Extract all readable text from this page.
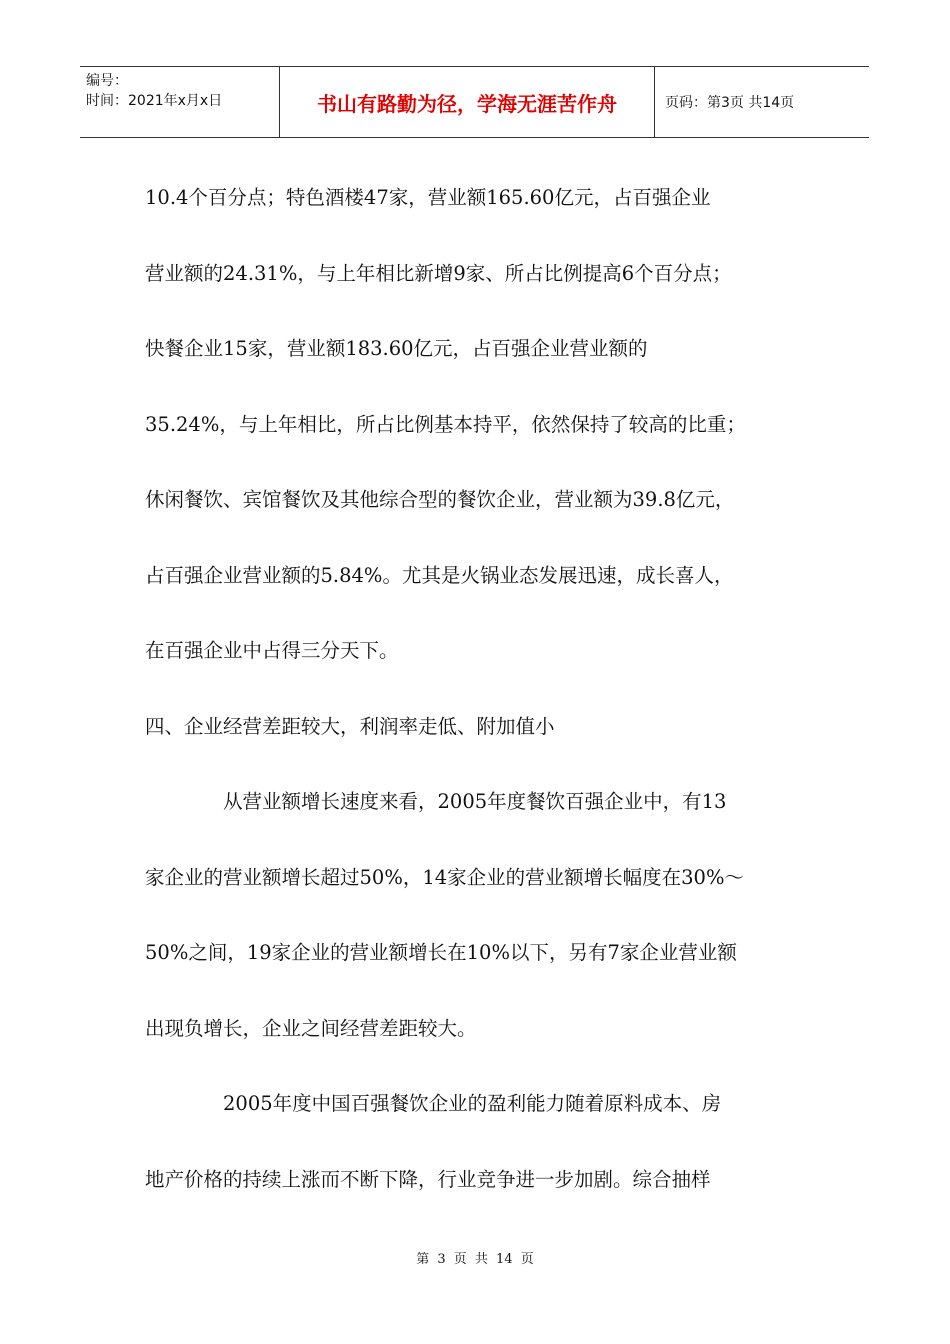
编号：
时间：2021年x月x日	书山有路勤为径，学海无涯苦作舟	页码：第3页 共14页
10.4个百分点；特色酒楼47家，营业额165.60亿元，占百强企业
营业额的24.31%，与上年相比新增9家、所占比例提高6个百分点；
快餐企业15家，营业额183.60亿元，占百强企业营业额的
35.24%，与上年相比，所占比例基本持平，依然保持了较高的比重；
休闲餐饮、宾馆餐饮及其他综合型的餐饮企业，营业额为39.8亿元，
占百强企业营业额的5.84%。尤其是火锅业态发展迅速，成长喜人，
在百强企业中占得三分天下。
四、企业经营差距较大，利润率走低、附加值小
从营业额增长速度来看，2005年度餐饮百强企业中，有13
家企业的营业额增长超过50%，14家企业的营业额增长幅度在30%～
50%之间，19家企业的营业额增长在10%以下，另有7家企业营业额
出现负增长，企业之间经营差距较大。
2005年度中国百强餐饮企业的盈利能力随着原料成本、房
地产价格的持续上涨而不断下降，行业竞争进一步加剧。综合抽样
第 3 页 共 14 页
